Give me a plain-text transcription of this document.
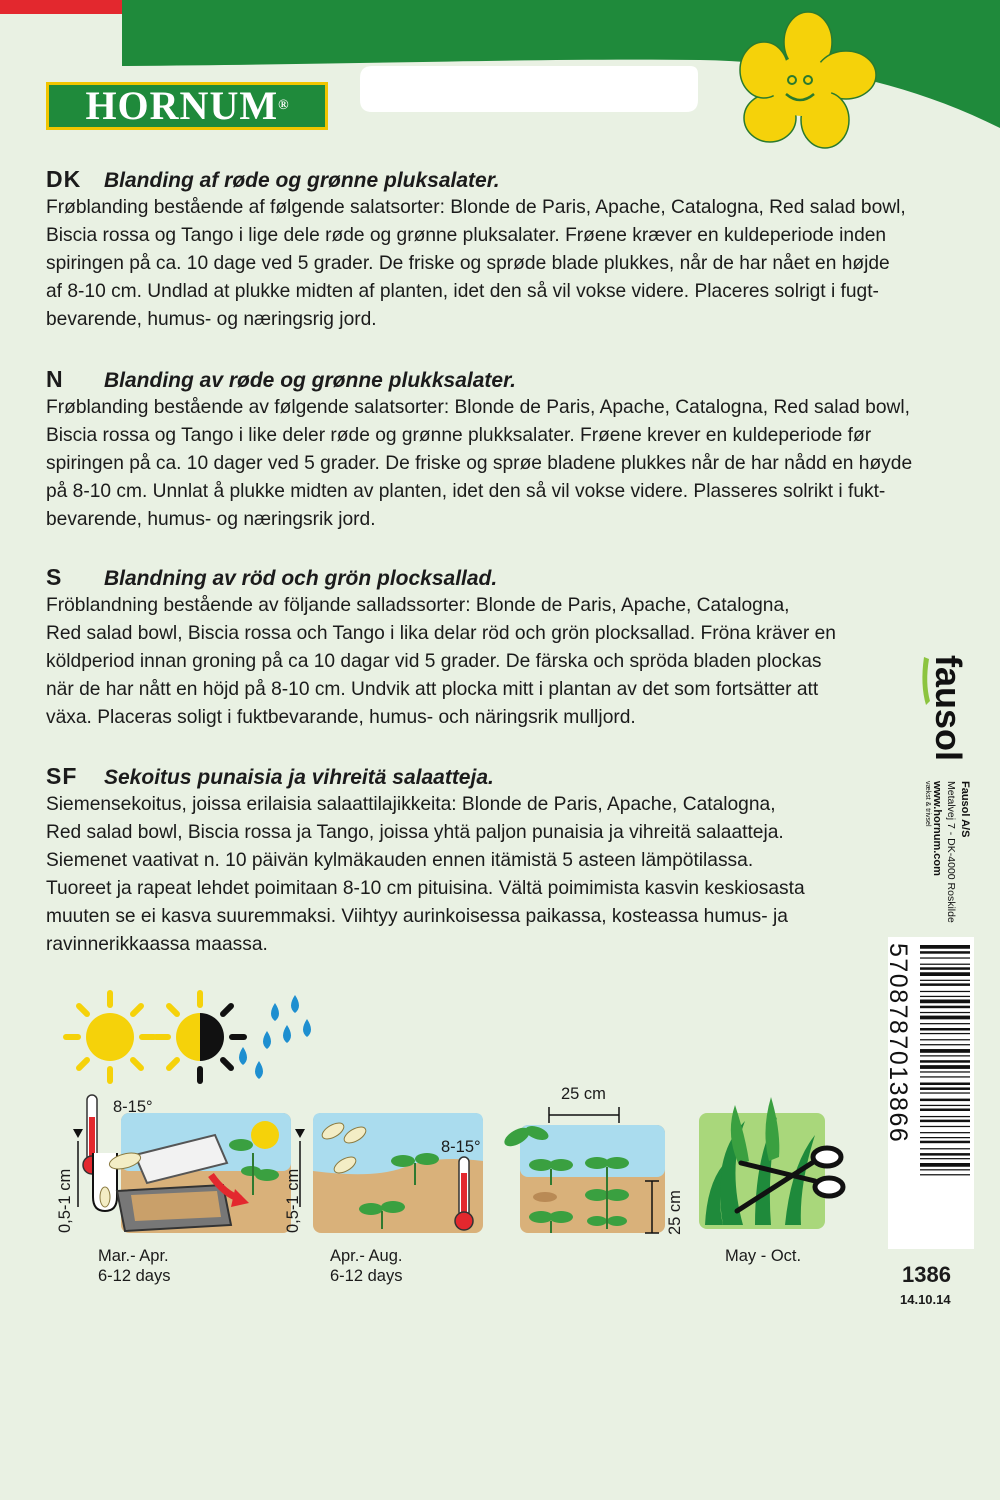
HORNUM®
DK Blanding af røde og grønne pluksalater.
Frøblanding bestående af følgende salatsorter: Blonde de Paris, Apache, Catalogna, Red salad bowl,
Biscia rossa og Tango i lige dele røde og grønne pluksalater. Frøene kræver en kuldeperiode inden
spiringen på ca. 10 dage ved 5 grader. De friske og sprøde blade plukkes, når de har nået en højde
af 8-10 cm. Undlad at plukke midten af planten, idet den så vil vokse videre. Placeres solrigt i fugt-
bevarende, humus- og næringsrig jord.
N Blanding av røde og grønne plukksalater.
Frøblanding bestående av følgende salatsorter: Blonde de Paris, Apache, Catalogna, Red salad bowl,
Biscia rossa og Tango i like deler røde og grønne plukksalater. Frøene krever en kuldeperiode før
spiringen på ca. 10 dager ved 5 grader. De friske og sprøe bladene plukkes når de har nådd en høyde
på 8-10 cm. Unnlat å plukke midten av planten, idet den så vil vokse videre. Plasseres solrikt i fukt-
bevarende, humus- og næringsrik jord.
S Blandning av röd och grön plocksallad.
Fröblandning bestående av följande salladssorter: Blonde de Paris, Apache, Catalogna,
Red salad bowl, Biscia rossa och Tango i lika delar röd och grön plocksallad. Fröna kräver en
köldperiod innan groning på ca 10 dagar vid 5 grader. De färska och spröda bladen plockas
när de har nått en höjd på 8-10 cm. Undvik att plocka mitt i plantan av det som fortsätter att
växa. Placeras soligt i fuktbevarande, humus- och näringsrik mulljord.
SF Sekoitus punaisia ja vihreitä salaatteja.
Siemensekoitus, joissa erilaisia salaattilajikkeita: Blonde de Paris, Apache, Catalogna,
Red salad bowl, Biscia rossa ja Tango, joissa yhtä paljon punaisia ja vihreitä salaatteja.
Siemenet vaativat n. 10 päivän kylmäkauden ennen itämistä 5 asteen lämpötilassa.
Tuoreet ja rapeat lehdet poimitaan 8-10 cm pituisina. Vältä poimimista kasvin keskiosasta
muuten se ei kasva suuremmaksi. Viihtyy aurinkoisessa paikassa, kosteassa humus- ja
ravinnerikkaassa maassa.
fausol
vækst & trivsel	Fausol A/S
Metalvej 7 - DK-4000 Roskilde
www.hornum.com
5708787013866
1386
14.10.14
8-15°
0,5-1 cm
Mar.- Apr.
6-12 days
8-15°
0,5-1 cm
Apr.- Aug.
6-12 days
25 cm
25 cm
May - Oct.
